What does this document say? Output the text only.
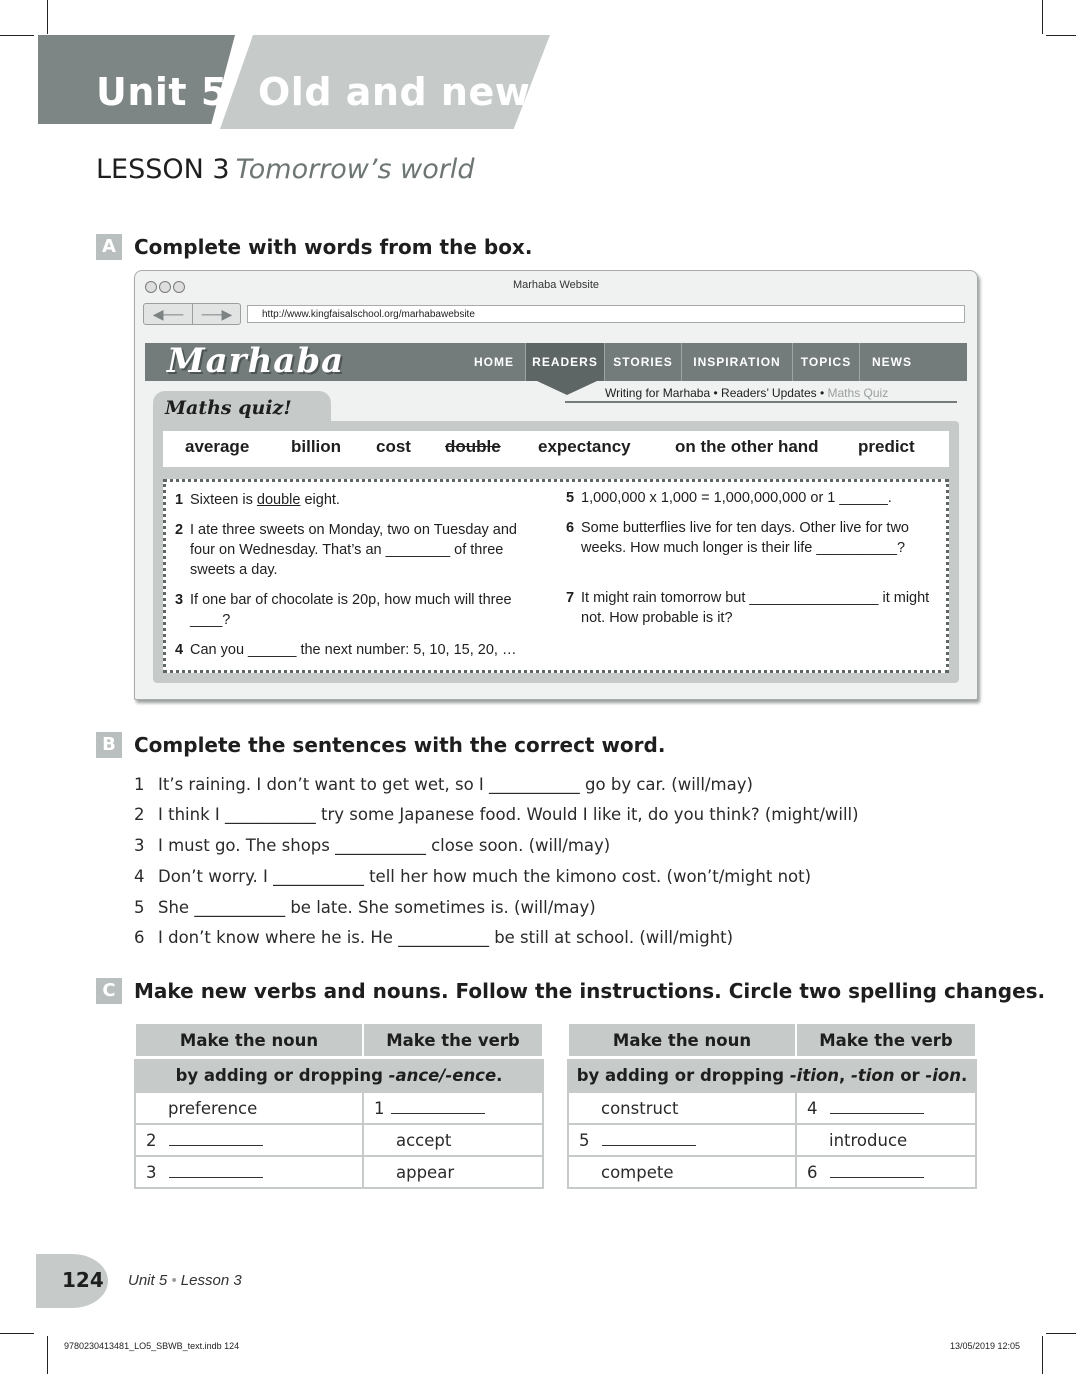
Unit 5 Old and new
LESSON 3 Tomorrow’s world
A Complete with words from the box.
Marhaba Website
◀──	──▶	http://www.kingfaisalschool.org/marhabawebsite
Marhaba	HOME	READERS	STORIES	INSPIRATION	TOPICS	NEWS
Writing for Marhaba • Readers’ Updates • Maths Quiz
Maths quiz!
average billion cost double expectancy	on the other hand predict
1 Sixteen is double eight.
2 I ate three sweets on Monday, two on Tuesday and four on Wednesday. That’s an ________ of three sweets a day.
3 If one bar of chocolate is 20p, how much will three ____?
4 Can you ______ the next number: 5, 10, 15, 20, …
5 1,000,000 x 1,000 = 1,000,000,000 or 1 ______.
6 Some butterflies live for ten days. Other live for two weeks. How much longer is their life __________?
7 It might rain tomorrow but ________________ it might not. How probable is it?
B Complete the sentences with the correct word.
1 It’s raining. I don’t want to get wet, so I ___________ go by car. (will/may)
2 I think I ___________ try some Japanese food. Would I like it, do you think? (might/will)
3 I must go. The shops ___________ close soon. (will/may)
4 Don’t worry. I ___________ tell her how much the kimono cost. (won’t/might not)
5 She ___________ be late. She sometimes is. (will/may)
6 I don’t know where he is. He ___________ be still at school. (will/might)
C Make new verbs and nouns. Follow the instructions. Circle two spelling changes.
Make the noun	Make the verb
by adding or dropping -ance/-ence.	
preference	1
2	accept
3	appear
Make the noun	Make the verb
by adding or dropping -ition, -tion or -ion.	
construct	4
5	introduce
compete	6
124 Unit 5 • Lesson 3
9780230413481_LO5_SBWB_text.indb 124	13/05/2019 12:05
